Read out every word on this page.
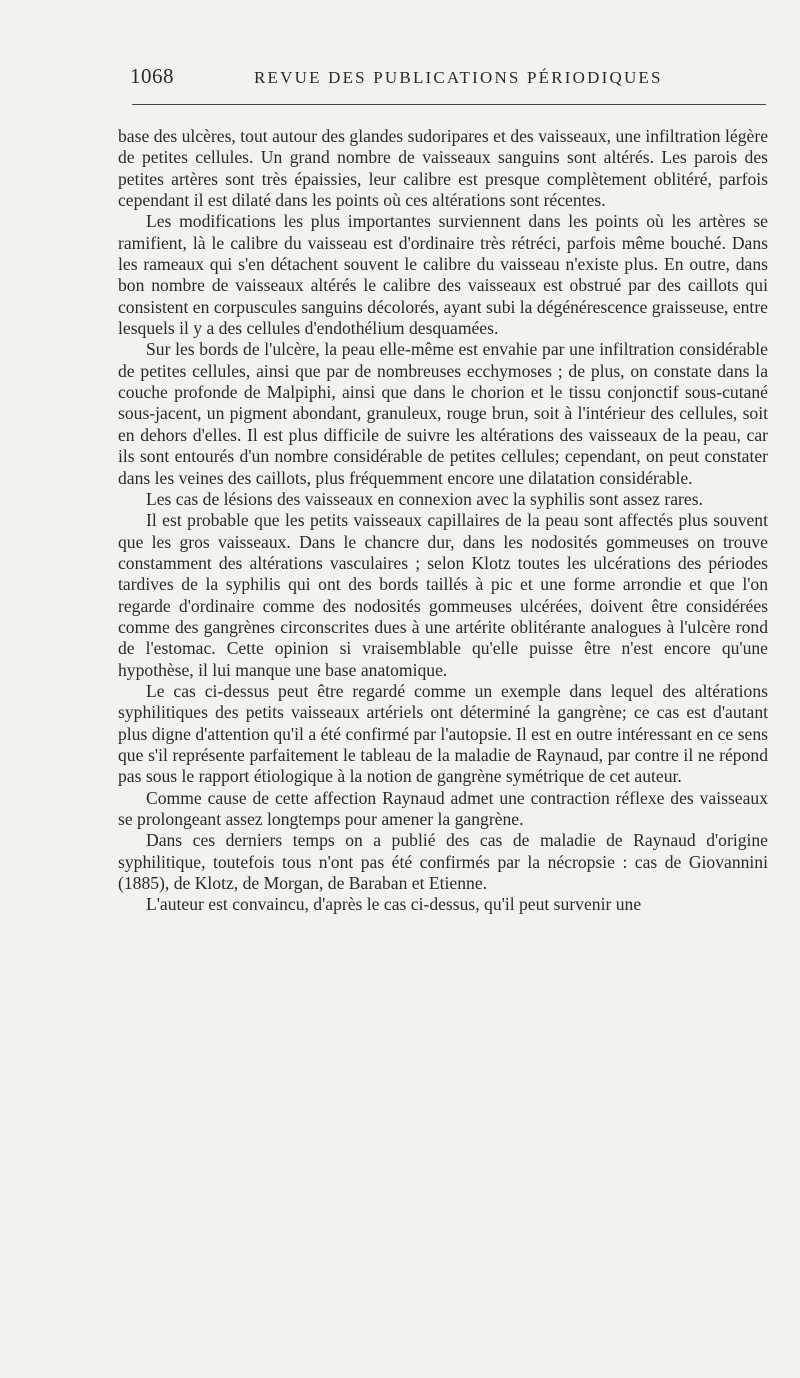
1068	REVUE DES PUBLICATIONS PÉRIODIQUES

base des ulcères, tout autour des glandes sudoripares et des vaisseaux, une infiltration légère de petites cellules. Un grand nombre de vaisseaux sanguins sont altérés. Les parois des petites artères sont très épaissies, leur calibre est presque complètement oblitéré, parfois cependant il est dilaté dans les points où ces altérations sont récentes.

Les modifications les plus importantes surviennent dans les points où les artères se ramifient, là le calibre du vaisseau est d'ordinaire très rétréci, parfois même bouché. Dans les rameaux qui s'en détachent souvent le calibre du vaisseau n'existe plus. En outre, dans bon nombre de vaisseaux altérés le calibre des vaisseaux est obstrué par des caillots qui consistent en corpuscules sanguins décolorés, ayant subi la dégénérescence graisseuse, entre lesquels il y a des cellules d'endothélium desquamées.

Sur les bords de l'ulcère, la peau elle-même est envahie par une infiltration considérable de petites cellules, ainsi que par de nombreuses ecchymoses ; de plus, on constate dans la couche profonde de Malpiphi, ainsi que dans le chorion et le tissu conjonctif sous-cutané sous-jacent, un pigment abondant, granuleux, rouge brun, soit à l'intérieur des cellules, soit en dehors d'elles. Il est plus difficile de suivre les altérations des vaisseaux de la peau, car ils sont entourés d'un nombre considérable de petites cellules; cependant, on peut constater dans les veines des caillots, plus fréquemment encore une dilatation considérable.

Les cas de lésions des vaisseaux en connexion avec la syphilis sont assez rares.

Il est probable que les petits vaisseaux capillaires de la peau sont affectés plus souvent que les gros vaisseaux. Dans le chancre dur, dans les nodosités gommeuses on trouve constamment des altérations vasculaires ; selon Klotz toutes les ulcérations des périodes tardives de la syphilis qui ont des bords taillés à pic et une forme arrondie et que l'on regarde d'ordinaire comme des nodosités gommeuses ulcérées, doivent être considérées comme des gangrènes circonscrites dues à une artérite oblitérante analogues à l'ulcère rond de l'estomac. Cette opinion si vraisemblable qu'elle puisse être n'est encore qu'une hypothèse, il lui manque une base anatomique.

Le cas ci-dessus peut être regardé comme un exemple dans lequel des altérations syphilitiques des petits vaisseaux artériels ont déterminé la gangrène; ce cas est d'autant plus digne d'attention qu'il a été confirmé par l'autopsie. Il est en outre intéressant en ce sens que s'il représente parfaitement le tableau de la maladie de Raynaud, par contre il ne répond pas sous le rapport étiologique à la notion de gangrène symétrique de cet auteur.

Comme cause de cette affection Raynaud admet une contraction réflexe des vaisseaux se prolongeant assez longtemps pour amener la gangrène.

Dans ces derniers temps on a publié des cas de maladie de Raynaud d'origine syphilitique, toutefois tous n'ont pas été confirmés par la nécropsie : cas de Giovannini (1885), de Klotz, de Morgan, de Baraban et Etienne.

L'auteur est convaincu, d'après le cas ci-dessus, qu'il peut survenir une
